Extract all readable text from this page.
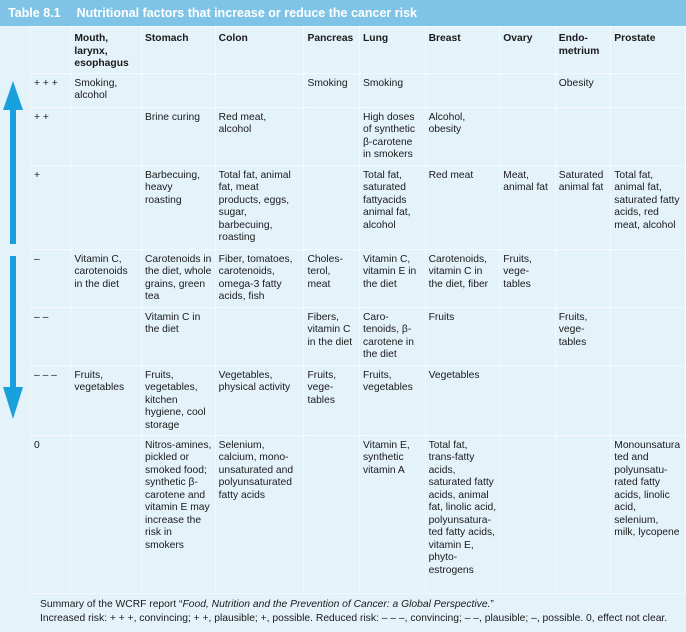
Table 8.1 Nutritional factors that increase or reduce the cancer risk
	Mouth, larynx, esophagus	Stomach	Colon	Pancreas	Lung	Breast	Ovary	Endo-metrium	Prostate
+ + +	Smoking, alcohol			Smoking	Smoking			Obesity	
+ +		Brine curing	Red meat, alcohol		High doses of synthetic β-carotene in smokers	Alcohol, obesity			
+		Barbecuing, heavy roasting	Total fat, animal fat, meat products, eggs, sugar, barbecuing, roasting		Total fat, saturated fattyacids animal fat, alcohol	Red meat	Meat, animal fat	Saturated animal fat	Total fat, animal fat, saturated fatty acids, red meat, alcohol
–	Vitamin C, carotenoids in the diet	Carotenoids in the diet, whole grains, green tea	Fiber, tomatoes, carotenoids, omega-3 fatty acids, fish	Choles-terol, meat	Vitamin C, vitamin E in the diet	Carotenoids, vitamin C in the diet, fiber	Fruits, vege-tables		
– –		Vitamin C in the diet		Fibers, vitamin C in the diet	Caro-tenoids, β-carotene in the diet	Fruits		Fruits, vege-tables	
– – –	Fruits, vegetables	Fruits, vegetables, kitchen hygiene, cool storage	Vegetables, physical activity	Fruits, vege-tables	Fruits, vegetables	Vegetables			
0		Nitros-amines, pickled or smoked food; synthetic β-carotene and vitamin E may increase the risk in smokers	Selenium, calcium, mono-unsaturated and polyunsaturated fatty acids		Vitamin E, synthetic vitamin A	Total fat, trans-fatty acids, saturated fatty acids, animal fat, linolic acid, polyunsatura-ted fatty acids, vitamin E, phyto-estrogens			Monounsaturated and polyunsatu-rated fatty acids, linolic acid, selenium, milk, lycopene
Summary of the WCRF report “Food, Nutrition and the Prevention of Cancer: a Global Perspective.”
Increased risk: + + +, convincing; + +, plausible; +, possible. Reduced risk: – – –, convincing; – –, plausible; –, possible. 0, effect not clear.
